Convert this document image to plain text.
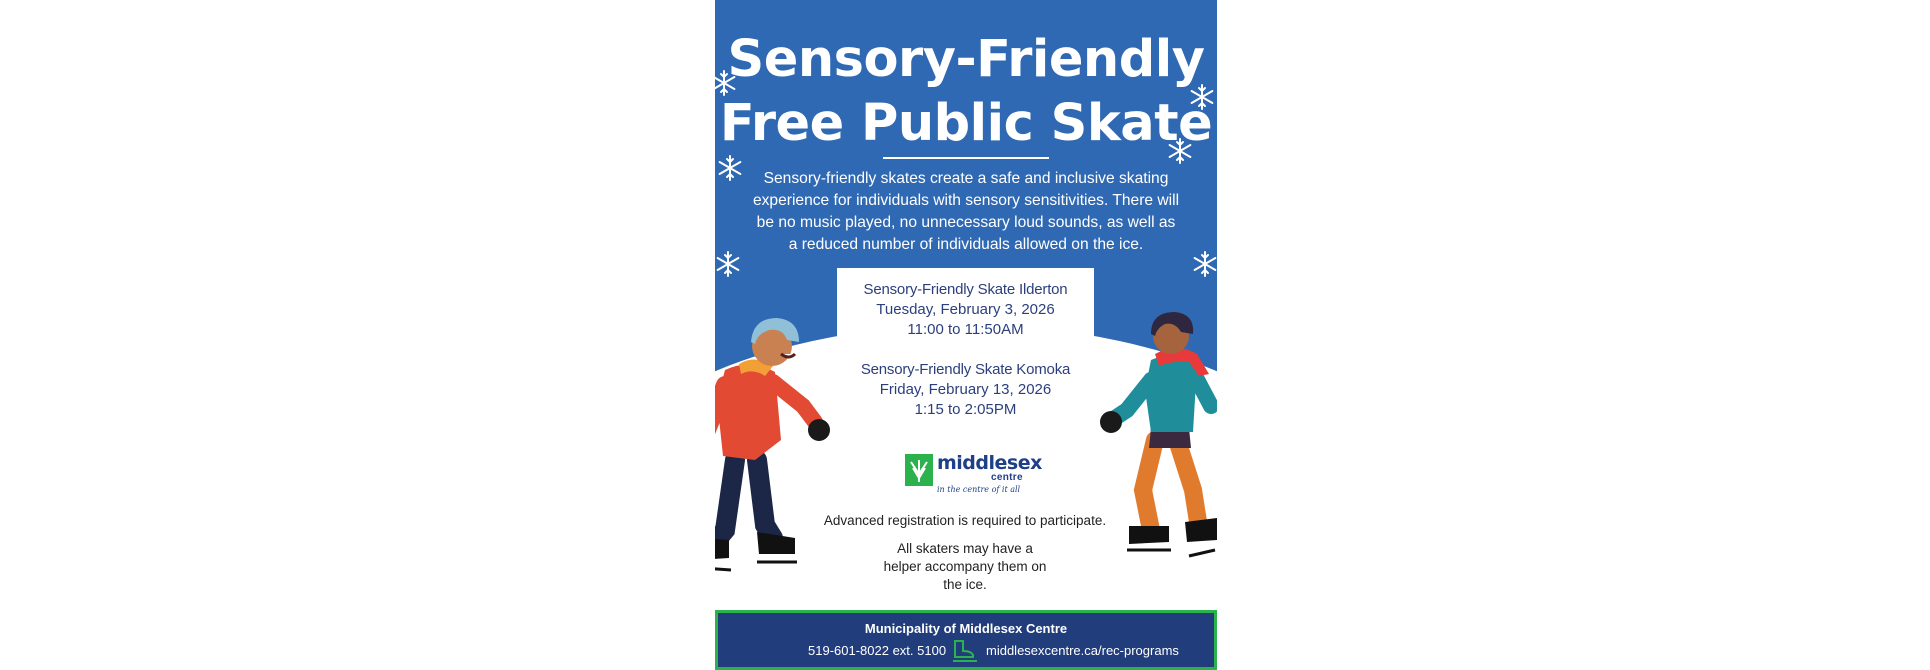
Sensory-Friendly
Free Public Skate
Sensory-friendly skates create a safe and inclusive skating experience for individuals with sensory sensitivities. There will be no music played, no unnecessary loud sounds, as well as a reduced number of individuals allowed on the ice.
Sensory-Friendly Skate Ilderton
Tuesday, February 3, 2026
11:00 to 11:50AM
Sensory-Friendly Skate Komoka
Friday, February 13, 2026
1:15 to 2:05PM
middlesex
centre
in the centre of it all
Advanced registration is required to participate.
All skaters may have a helper accompany them on the ice.
Municipality of Middlesex Centre
519-601-8022 ext. 5100	middlesexcentre.ca/rec-programs
